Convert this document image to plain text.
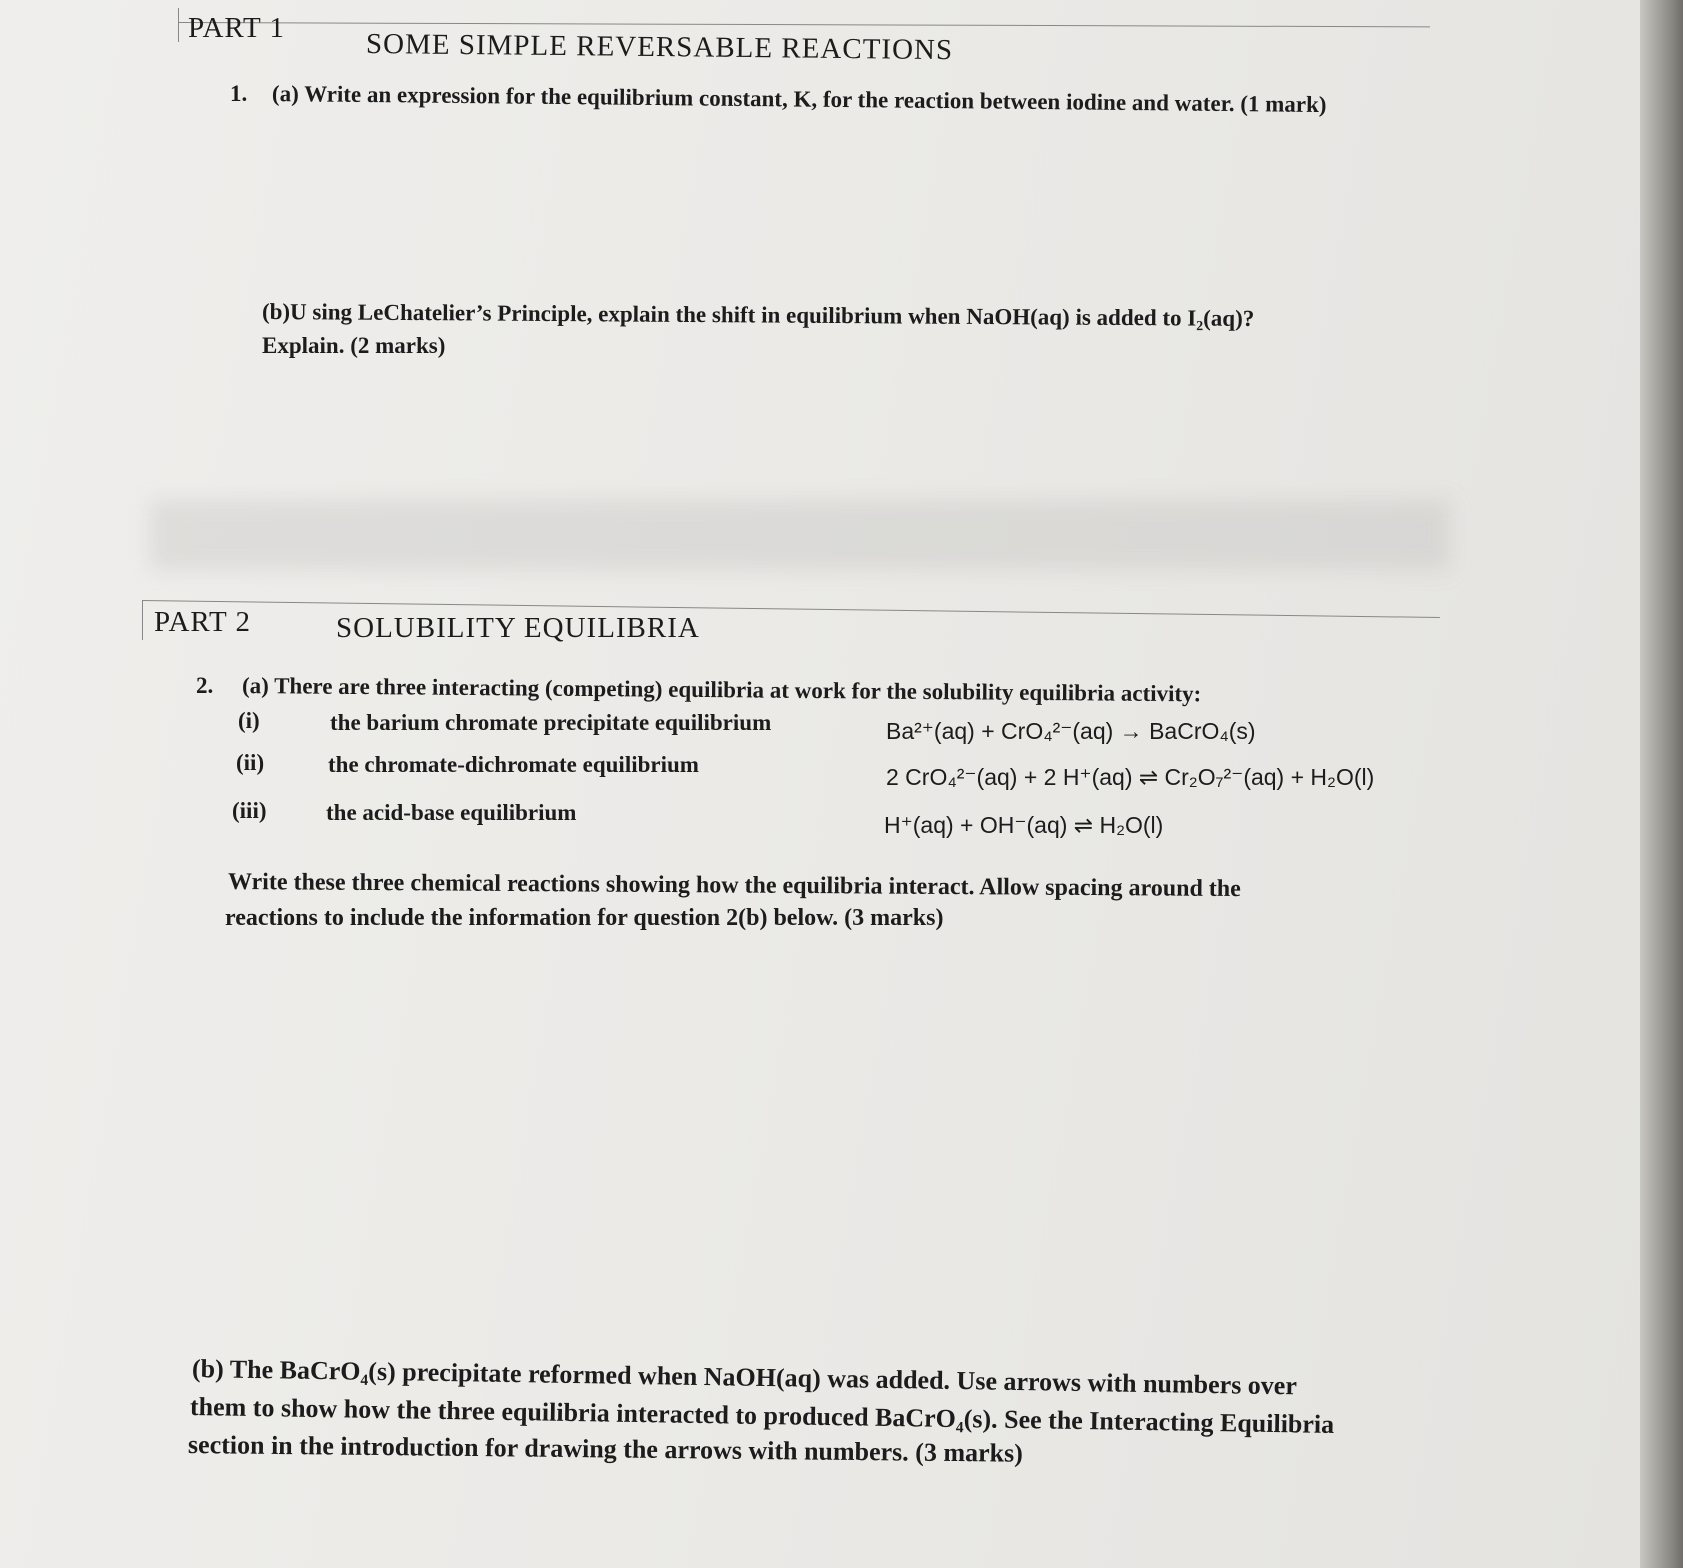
PART 1
SOME SIMPLE REVERSABLE REACTIONS
1. (a) Write an expression for the equilibrium constant, K, for the reaction between iodine and water. (1 mark)
(b)U sing LeChatelier’s Principle, explain the shift in equilibrium when NaOH(aq) is added to I₂(aq)?
Explain. (2 marks)
PART 2	SOLUBILITY EQUILIBRIA
2. (a) There are three interacting (competing) equilibria at work for the solubility equilibria activity:
(i)	the barium chromate precipitate equilibrium	Ba²⁺(aq) + CrO₄²⁻(aq) → BaCrO₄(s)
(ii)	the chromate-dichromate equilibrium	2 CrO₄²⁻(aq) + 2 H⁺(aq) ⇌ Cr₂O₇²⁻(aq) + H₂O(l)
(iii)	the acid-base equilibrium	H⁺(aq) + OH⁻(aq) ⇌ H₂O(l)
Write these three chemical reactions showing how the equilibria interact. Allow spacing around the
reactions to include the information for question 2(b) below. (3 marks)
(b) The BaCrO₄(s) precipitate reformed when NaOH(aq) was added. Use arrows with numbers over
them to show how the three equilibria interacted to produced BaCrO₄(s). See the Interacting Equilibria
section in the introduction for drawing the arrows with numbers. (3 marks)
